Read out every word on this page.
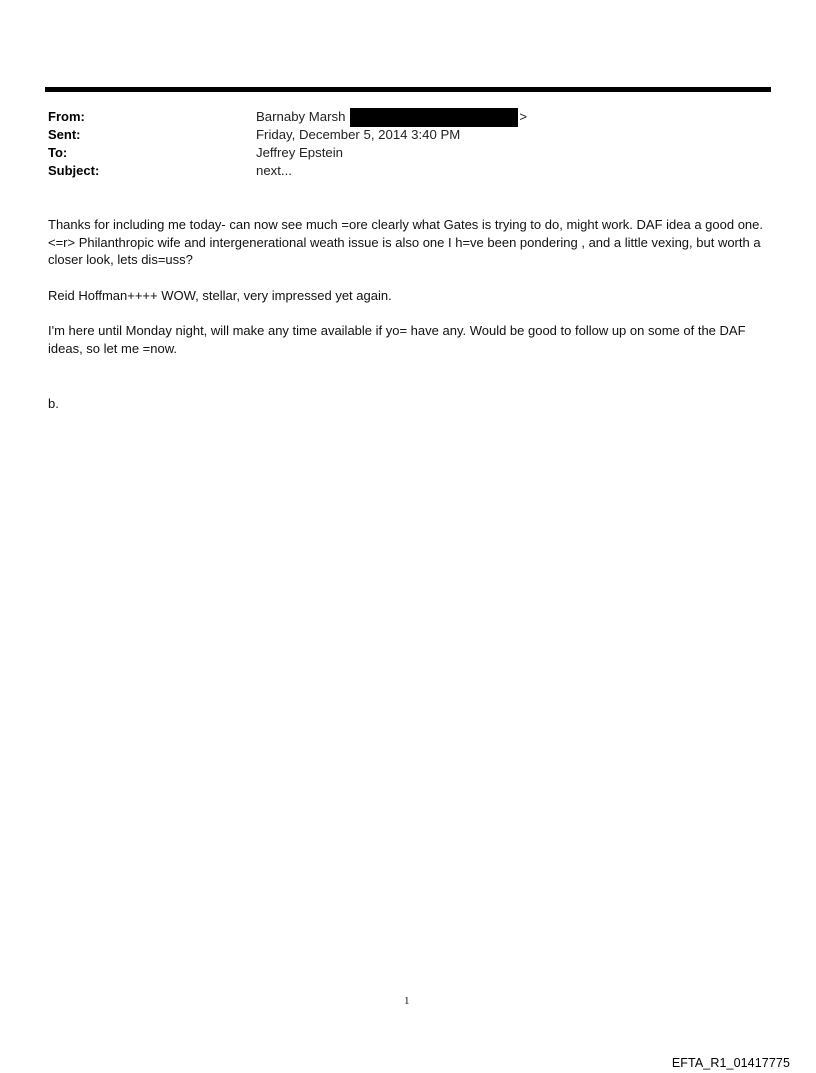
From:	Barnaby Marsh	>
Sent:	Friday, December 5, 2014 3:40 PM
To:	Jeffrey Epstein
Subject:	next...

Thanks for including me today- can now see much =ore clearly what Gates is trying to do, might work. DAF idea a good one. <=r> Philanthropic wife and intergenerational weath issue is also one I h=ve been pondering , and a little vexing, but worth a closer look, lets dis=uss?

Reid Hoffman++++ WOW, stellar, very impressed yet again.

I'm here until Monday night, will make any time available if yo= have any. Would be good to follow up on some of the DAF ideas, so let me =now.

b.
1
EFTA_R1_01417775
